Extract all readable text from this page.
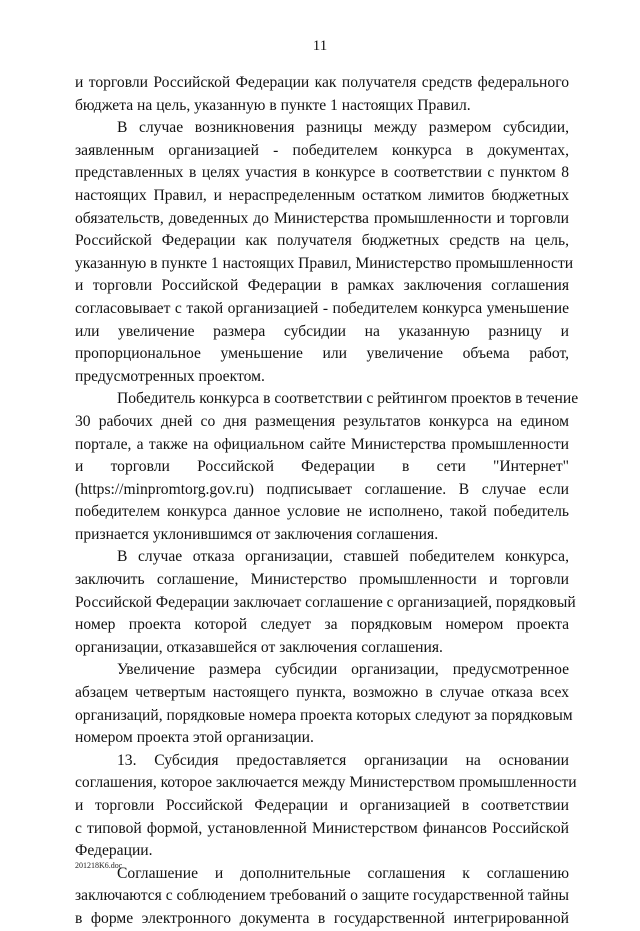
11
и торговли Российской Федерации как получателя средств федерального
бюджета на цель, указанную в пункте 1 настоящих Правил.
В случае возникновения разницы между размером субсидии,
заявленным организацией - победителем конкурса в документах,
представленных в целях участия в конкурсе в соответствии с пунктом 8
настоящих Правил, и нераспределенным остатком лимитов бюджетных
обязательств, доведенных до Министерства промышленности и торговли
Российской Федерации как получателя бюджетных средств на цель,
указанную в пункте 1 настоящих Правил, Министерство промышленности
и торговли Российской Федерации в рамках заключения соглашения
согласовывает с такой организацией - победителем конкурса уменьшение
или увеличение размера субсидии на указанную разницу и
пропорциональное уменьшение или увеличение объема работ,
предусмотренных проектом.
Победитель конкурса в соответствии с рейтингом проектов в течение
30 рабочих дней со дня размещения результатов конкурса на едином
портале, а также на официальном сайте Министерства промышленности
и торговли Российской Федерации в сети "Интернет"
(https://minpromtorg.gov.ru) подписывает соглашение. В случае если
победителем конкурса данное условие не исполнено, такой победитель
признается уклонившимся от заключения соглашения.
В случае отказа организации, ставшей победителем конкурса,
заключить соглашение, Министерство промышленности и торговли
Российской Федерации заключает соглашение с организацией, порядковый
номер проекта которой следует за порядковым номером проекта
организации, отказавшейся от заключения соглашения.
Увеличение размера субсидии организации, предусмотренное
абзацем четвертым настоящего пункта, возможно в случае отказа всех
организаций, порядковые номера проекта которых следуют за порядковым
номером проекта этой организации.
13. Субсидия предоставляется организации на основании
соглашения, которое заключается между Министерством промышленности
и торговли Российской Федерации и организацией в соответствии
с типовой формой, установленной Министерством финансов Российской
Федерации.
Соглашение и дополнительные соглашения к соглашению
заключаются с соблюдением требований о защите государственной тайны
в форме электронного документа в государственной интегрированной
201218K6.doc
